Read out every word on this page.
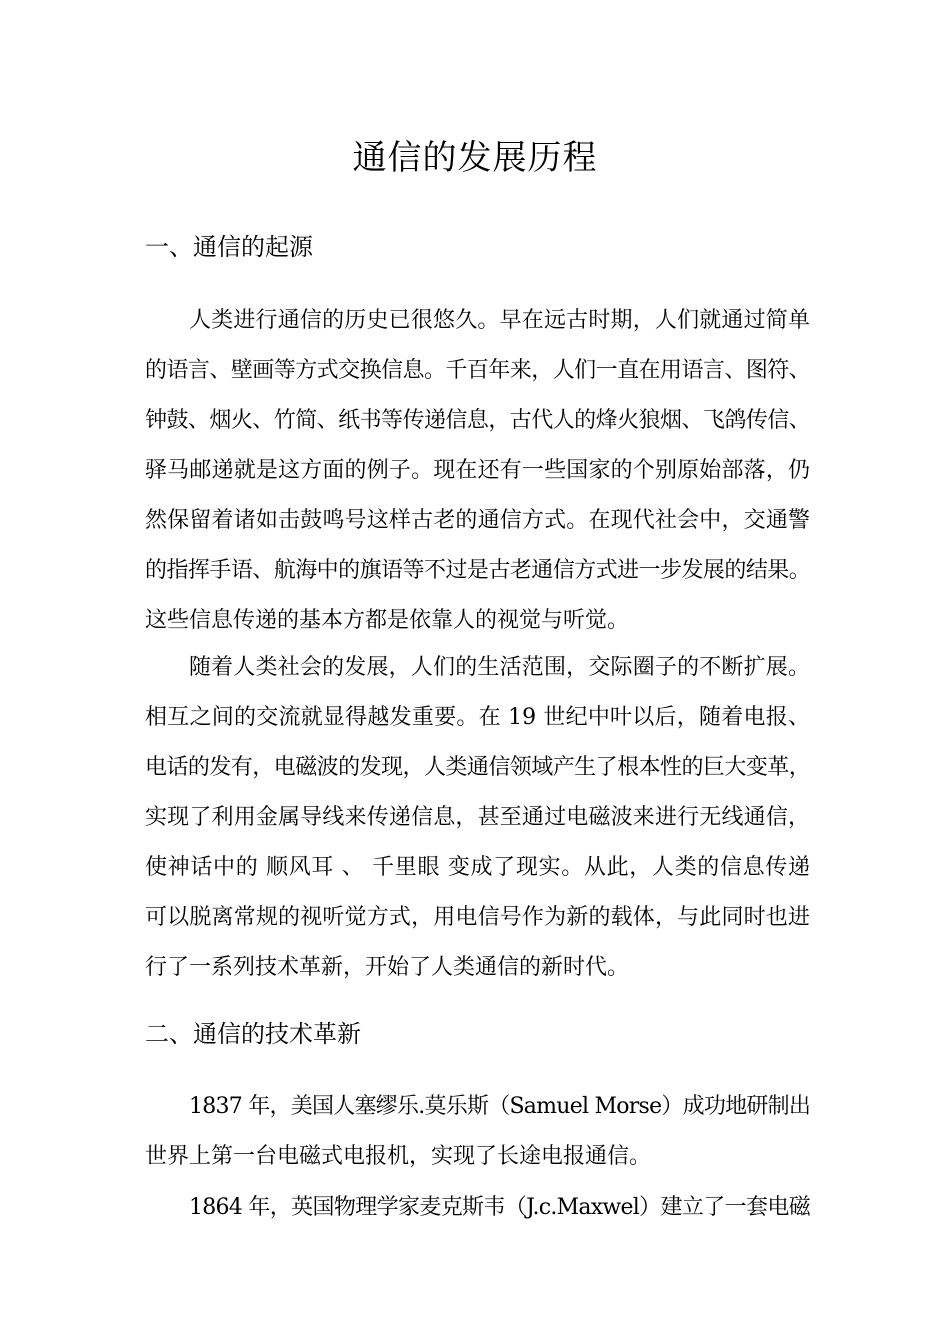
通信的发展历程
一、通信的起源
人类进行通信的历史已很悠久。早在远古时期，人们就通过简单
的语言、壁画等方式交换信息。千百年来，人们一直在用语言、图符、
钟鼓、烟火、竹简、纸书等传递信息，古代人的烽火狼烟、飞鸽传信、
驿马邮递就是这方面的例子。现在还有一些国家的个别原始部落，仍
然保留着诸如击鼓鸣号这样古老的通信方式。在现代社会中，交通警
的指挥手语、航海中的旗语等不过是古老通信方式进一步发展的结果。
这些信息传递的基本方都是依靠人的视觉与听觉。
随着人类社会的发展，人们的生活范围，交际圈子的不断扩展。
相互之间的交流就显得越发重要。在 19 世纪中叶以后，随着电报、
电话的发有，电磁波的发现，人类通信领域产生了根本性的巨大变革，
实现了利用金属导线来传递信息，甚至通过电磁波来进行无线通信，
使神话中的 顺风耳 、 千里眼 变成了现实。从此，人类的信息传递
可以脱离常规的视听觉方式，用电信号作为新的载体，与此同时也进
行了一系列技术革新，开始了人类通信的新时代。
二、通信的技术革新
1837 年，美国人塞缪乐.莫乐斯（Samuel Morse）成功地研制出
世界上第一台电磁式电报机，实现了长途电报通信。
1864 年，英国物理学家麦克斯韦（J.c.Maxwel）建立了一套电磁
